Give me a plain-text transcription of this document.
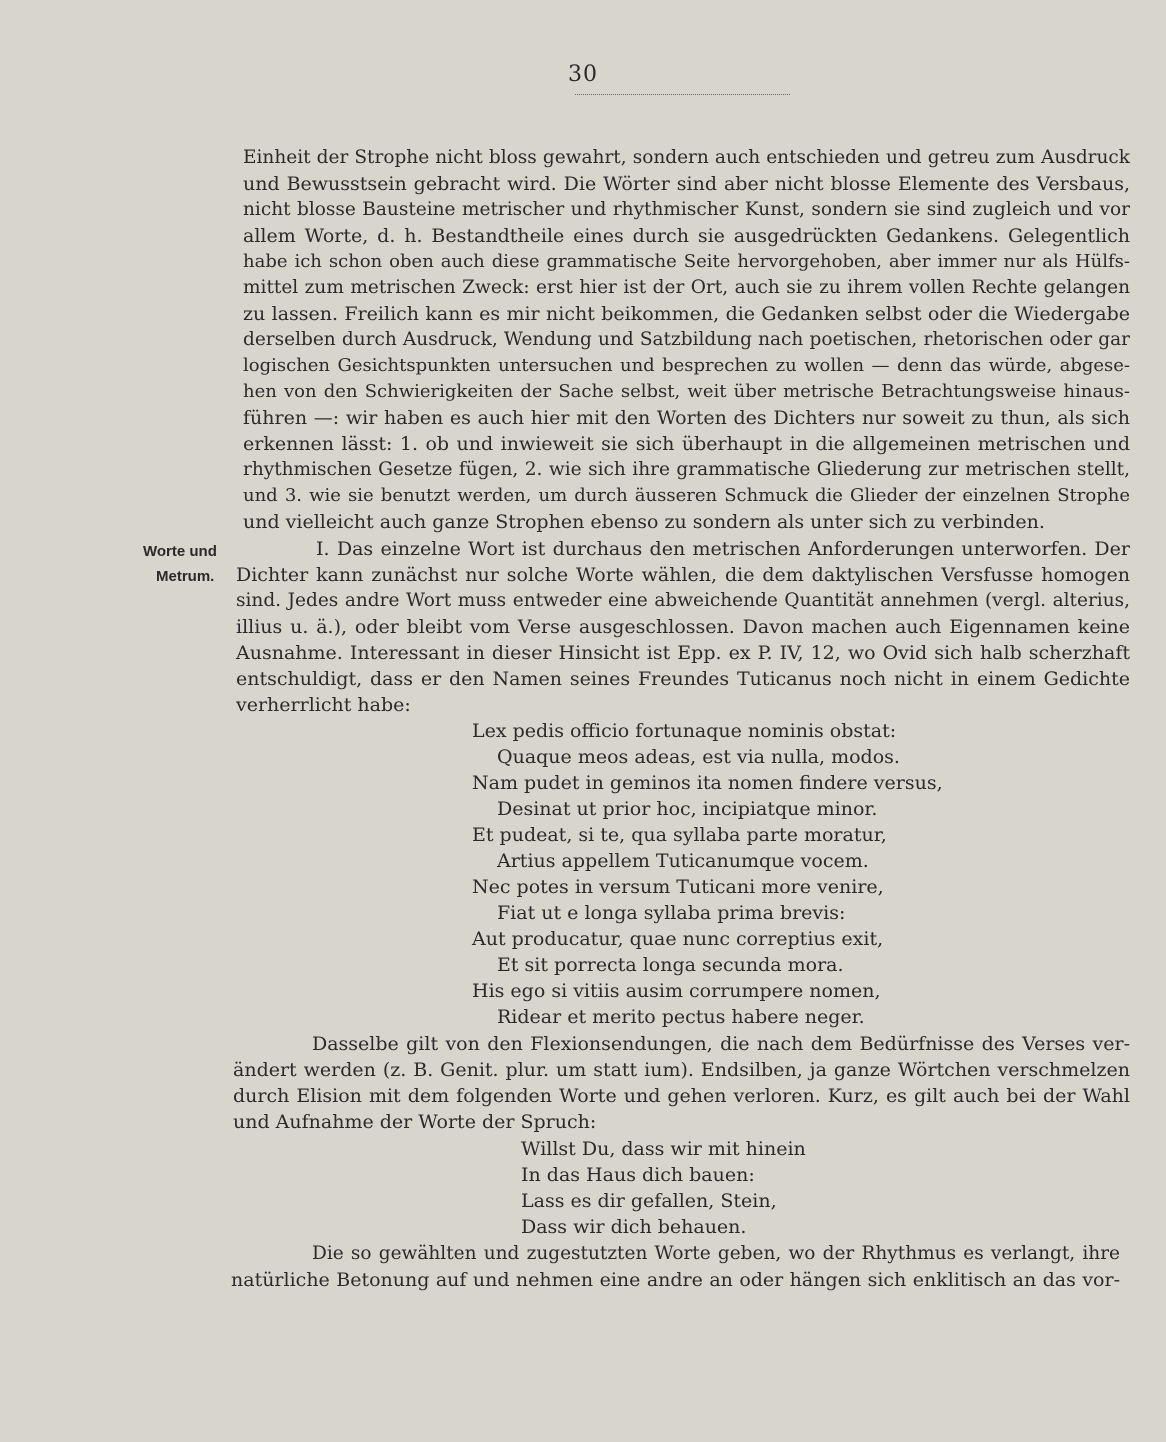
30
Einheit der Strophe nicht bloss gewahrt, sondern auch entschieden und getreu zum Ausdruck
und Bewusstsein gebracht wird. Die Wörter sind aber nicht blosse Elemente des Versbaus,
nicht blosse Bausteine metrischer und rhythmischer Kunst, sondern sie sind zugleich und vor
allem Worte, d. h. Bestandtheile eines durch sie ausgedrückten Gedankens. Gelegentlich
habe ich schon oben auch diese grammatische Seite hervorgehoben, aber immer nur als Hülfs-
mittel zum metrischen Zweck: erst hier ist der Ort, auch sie zu ihrem vollen Rechte gelangen
zu lassen. Freilich kann es mir nicht beikommen, die Gedanken selbst oder die Wiedergabe
derselben durch Ausdruck, Wendung und Satzbildung nach poetischen, rhetorischen oder gar
logischen Gesichtspunkten untersuchen und besprechen zu wollen — denn das würde, abgese-
hen von den Schwierigkeiten der Sache selbst, weit über metrische Betrachtungsweise hinaus-
führen —: wir haben es auch hier mit den Worten des Dichters nur soweit zu thun, als sich
erkennen lässt: 1. ob und inwieweit sie sich überhaupt in die allgemeinen metrischen und
rhythmischen Gesetze fügen, 2. wie sich ihre grammatische Gliederung zur metrischen stellt,
und 3. wie sie benutzt werden, um durch äusseren Schmuck die Glieder der einzelnen Strophe
und vielleicht auch ganze Strophen ebenso zu sondern als unter sich zu verbinden.
Worte und
Metrum.
I. Das einzelne Wort ist durchaus den metrischen Anforderungen unterworfen. Der
Dichter kann zunächst nur solche Worte wählen, die dem daktylischen Versfusse homogen
sind. Jedes andre Wort muss entweder eine abweichende Quantität annehmen (vergl. alterius,
illius u. ä.), oder bleibt vom Verse ausgeschlossen. Davon machen auch Eigennamen keine
Ausnahme. Interessant in dieser Hinsicht ist Epp. ex P. IV, 12, wo Ovid sich halb scherzhaft
entschuldigt, dass er den Namen seines Freundes Tuticanus noch nicht in einem Gedichte
verherrlicht habe:
Lex pedis officio fortunaque nominis obstat:
Quaque meos adeas, est via nulla, modos.
Nam pudet in geminos ita nomen findere versus,
Desinat ut prior hoc, incipiatque minor.
Et pudeat, si te, qua syllaba parte moratur,
Artius appellem Tuticanumque vocem.
Nec potes in versum Tuticani more venire,
Fiat ut e longa syllaba prima brevis:
Aut producatur, quae nunc correptius exit,
Et sit porrecta longa secunda mora.
His ego si vitiis ausim corrumpere nomen,
Ridear et merito pectus habere neger.
Dasselbe gilt von den Flexionsendungen, die nach dem Bedürfnisse des Verses ver-
ändert werden (z. B. Genit. plur. um statt ium). Endsilben, ja ganze Wörtchen verschmelzen
durch Elision mit dem folgenden Worte und gehen verloren. Kurz, es gilt auch bei der Wahl
und Aufnahme der Worte der Spruch:
Willst Du, dass wir mit hinein
In das Haus dich bauen:
Lass es dir gefallen, Stein,
Dass wir dich behauen.
Die so gewählten und zugestutzten Worte geben, wo der Rhythmus es verlangt, ihre
natürliche Betonung auf und nehmen eine andre an oder hängen sich enklitisch an das vor-
